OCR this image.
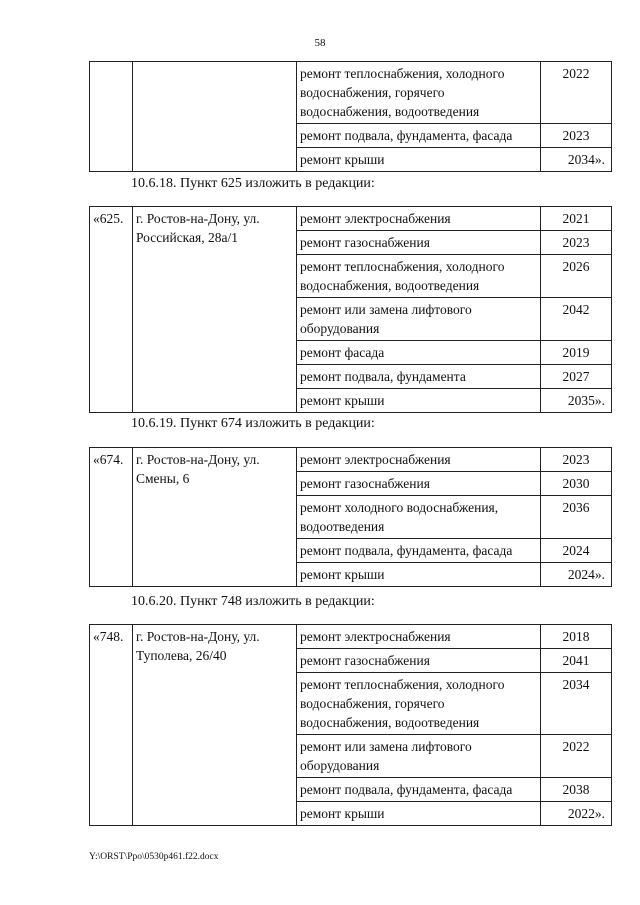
58
		ремонт теплоснабжения, холодного водоснабжения, горячего водоснабжения, водоотведения	2022
		ремонт подвала, фундамента, фасада	2023
		ремонт крыши	2034».
10.6.18. Пункт 625 изложить в редакции:
«625.	г. Ростов-на-Дону, ул. Российская, 28а/1	ремонт электроснабжения	2021
		ремонт газоснабжения	2023
		ремонт теплоснабжения, холодного водоснабжения, водоотведения	2026
		ремонт или замена лифтового оборудования	2042
		ремонт фасада	2019
		ремонт подвала, фундамента	2027
		ремонт крыши	2035».
10.6.19. Пункт 674 изложить в редакции:
«674.	г. Ростов-на-Дону, ул. Смены, 6	ремонт электроснабжения	2023
		ремонт газоснабжения	2030
		ремонт холодного водоснабжения, водоотведения	2036
		ремонт подвала, фундамента, фасада	2024
		ремонт крыши	2024».
10.6.20. Пункт 748 изложить в редакции:
«748.	г. Ростов-на-Дону, ул. Туполева, 26/40	ремонт электроснабжения	2018
		ремонт газоснабжения	2041
		ремонт теплоснабжения, холодного водоснабжения, горячего водоснабжения, водоотведения	2034
		ремонт или замена лифтового оборудования	2022
		ремонт подвала, фундамента, фасада	2038
		ремонт крыши	2022».
Y:\ORST\Ppo\0530p461.f22.docx
